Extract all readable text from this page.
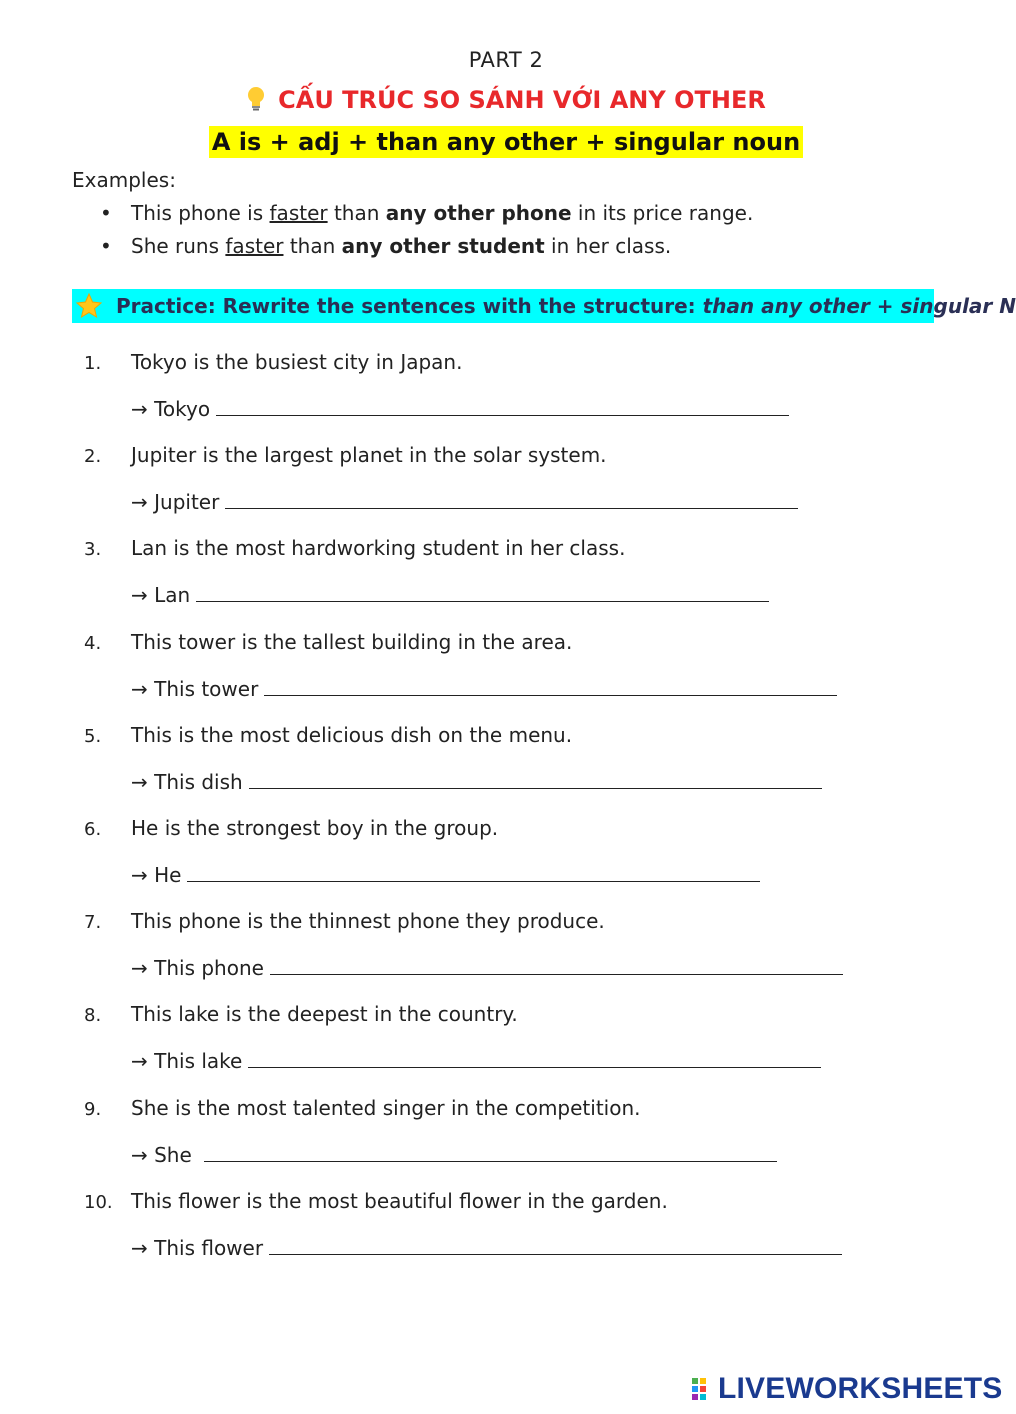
PART 2
CẤU TRÚC SO SÁNH VỚI ANY OTHER
A is + adj + than any other + singular noun
Examples:
• This phone is faster than any other phone in its price range.
• She runs faster than any other student in her class.
Practice: Rewrite the sentences with the structure: than any other + singular N
1. Tokyo is the busiest city in Japan.
→ Tokyo
2. Jupiter is the largest planet in the solar system.
→ Jupiter
3. Lan is the most hardworking student in her class.
→ Lan
4. This tower is the tallest building in the area.
→ This tower
5. This is the most delicious dish on the menu.
→ This dish
6. He is the strongest boy in the group.
→ He
7. This phone is the thinnest phone they produce.
→ This phone
8. This lake is the deepest in the country.
→ This lake
9. She is the most talented singer in the competition.
→ She
10. This flower is the most beautiful flower in the garden.
→ This flower
LIVEWORKSHEETS
